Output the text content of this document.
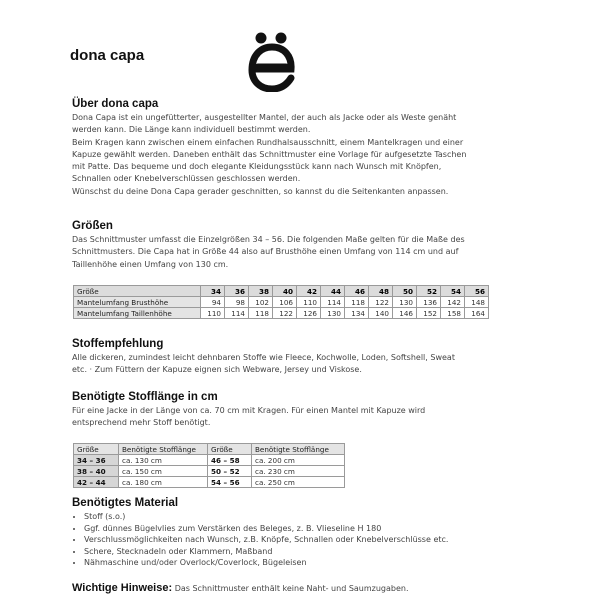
dona capa
Über dona capa

Dona Capa ist ein ungefütterter, ausgestellter Mantel, der auch als Jacke oder als Weste genäht

werden kann. Die Länge kann individuell bestimmt werden.

Beim Kragen kann zwischen einem einfachen Rundhalsausschnitt, einem Mantelkragen und einer

Kapuze gewählt werden. Daneben enthält das Schnittmuster eine Vorlage für aufgesetzte Taschen

mit Patte. Das bequeme und doch elegante Kleidungsstück kann nach Wunsch mit Knöpfen,

Schnallen oder Knebelverschlüssen geschlossen werden.

Wünschst du deine Dona Capa gerader geschnitten, so kannst du die Seitenkanten anpassen.

Größen

Das Schnittmuster umfasst die Einzelgrößen 34 – 56. Die folgenden Maße gelten für die Maße des

Schnittmusters. Die Capa hat in Größe 44 also auf Brusthöhe einen Umfang von 114 cm und auf

Taillenhöhe einen Umfang von 130 cm.

Größe	34	36	38	40	42	44	46	48	50	52	54	56
Mantelumfang Brusthöhe	94	98	102	106	110	114	118	122	130	136	142	148
Mantelumfang Taillenhöhe	110	114	118	122	126	130	134	140	146	152	158	164
Stoffempfehlung

Alle dickeren, zumindest leicht dehnbaren Stoffe wie Fleece, Kochwolle, Loden, Softshell, Sweat

etc. · Zum Füttern der Kapuze eignen sich Webware, Jersey und Viskose.

Benötigte Stofflänge in cm

Für eine Jacke in der Länge von ca. 70 cm mit Kragen. Für einen Mantel mit Kapuze wird

entsprechend mehr Stoff benötigt.

Größe	Benötigte Stofflänge	Größe	Benötigte Stofflänge
34 – 36	ca. 130 cm	46 – 58	ca. 200 cm
38 – 40	ca. 150 cm	50 – 52	ca. 230 cm
42 – 44	ca. 180 cm	54 – 56	ca. 250 cm
Benötigtes Material
• Stoff (s.o.)
• Ggf. dünnes Bügelvlies zum Verstärken des Beleges, z. B. Vlieseline H 180
• Verschlussmöglichkeiten nach Wunsch, z.B. Knöpfe, Schnallen oder Knebelverschlüsse etc.
• Schere, Stecknadeln oder Klammern, Maßband
• Nähmaschine und/oder Overlock/Coverlock, Bügeleisen
Wichtige Hinweise: Das Schnittmuster enthält keine Naht- und Saumzugaben.
